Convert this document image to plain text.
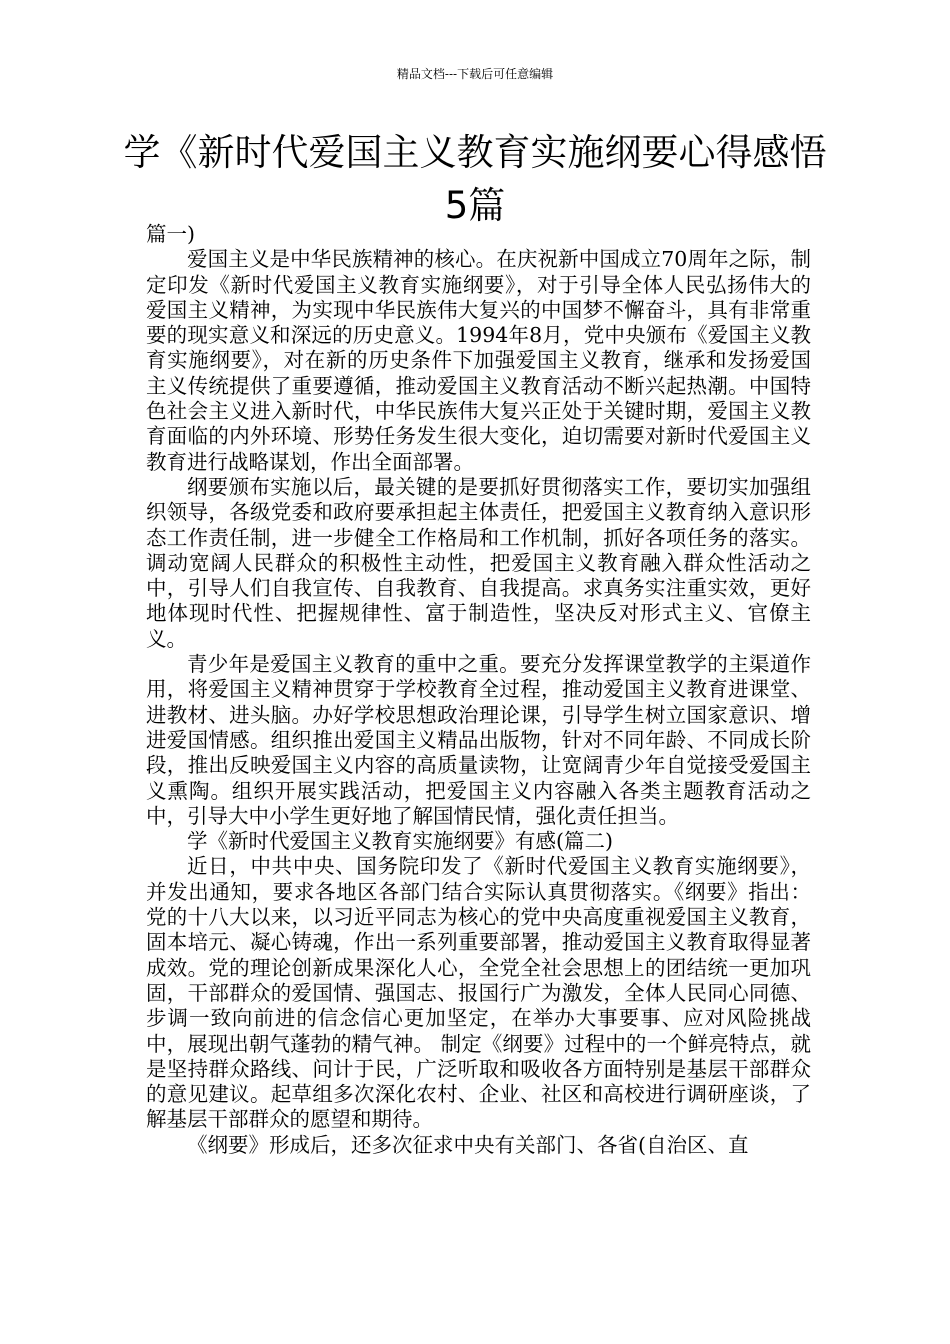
精品文档---下载后可任意编辑
学《新时代爱国主义教育实施纲要心得感悟5篇

篇一)

爱国主义是中华民族精神的核心。在庆祝新中国成立70周年之际，制定印发《新时代爱国主义教育实施纲要》，对于引导全体人民弘扬伟大的爱国主义精神，为实现中华民族伟大复兴的中国梦不懈奋斗，具有非常重要的现实意义和深远的历史意义。1994年8月，党中央颁布《爱国主义教育实施纲要》，对在新的历史条件下加强爱国主义教育，继承和发扬爱国主义传统提供了重要遵循，推动爱国主义教育活动不断兴起热潮。中国特色社会主义进入新时代，中华民族伟大复兴正处于关键时期，爱国主义教育面临的内外环境、形势任务发生很大变化，迫切需要对新时代爱国主义教育进行战略谋划，作出全面部署。

纲要颁布实施以后，最关键的是要抓好贯彻落实工作，要切实加强组织领导，各级党委和政府要承担起主体责任，把爱国主义教育纳入意识形态工作责任制，进一步健全工作格局和工作机制，抓好各项任务的落实。调动宽阔人民群众的积极性主动性，把爱国主义教育融入群众性活动之中，引导人们自我宣传、自我教育、自我提高。求真务实注重实效，更好地体现时代性、把握规律性、富于制造性，坚决反对形式主义、官僚主义。

青少年是爱国主义教育的重中之重。要充分发挥课堂教学的主渠道作用，将爱国主义精神贯穿于学校教育全过程，推动爱国主义教育进课堂、进教材、进头脑。办好学校思想政治理论课，引导学生树立国家意识、增进爱国情感。组织推出爱国主义精品出版物，针对不同年龄、不同成长阶段，推出反映爱国主义内容的高质量读物，让宽阔青少年自觉接受爱国主义熏陶。组织开展实践活动，把爱国主义内容融入各类主题教育活动之中，引导大中小学生更好地了解国情民情，强化责任担当。

学《新时代爱国主义教育实施纲要》有感(篇二)

近日，中共中央、国务院印发了《新时代爱国主义教育实施纲要》，并发出通知，要求各地区各部门结合实际认真贯彻落实。《纲要》指出：党的十八大以来，以习近平同志为核心的党中央高度重视爱国主义教育，固本培元、凝心铸魂，作出一系列重要部署，推动爱国主义教育取得显著成效。党的理论创新成果深化人心，全党全社会思想上的团结统一更加巩固，干部群众的爱国情、强国志、报国行广为激发，全体人民同心同德、步调一致向前进的信念信心更加坚定，在举办大事要事、应对风险挑战中，展现出朝气蓬勃的精气神。 制定《纲要》过程中的一个鲜亮特点，就是坚持群众路线、问计于民，广泛听取和吸收各方面特别是基层干部群众的意见建议。起草组多次深化农村、企业、社区和高校进行调研座谈，了解基层干部群众的愿望和期待。

《纲要》形成后，还多次征求中央有关部门、各省(自治区、直
